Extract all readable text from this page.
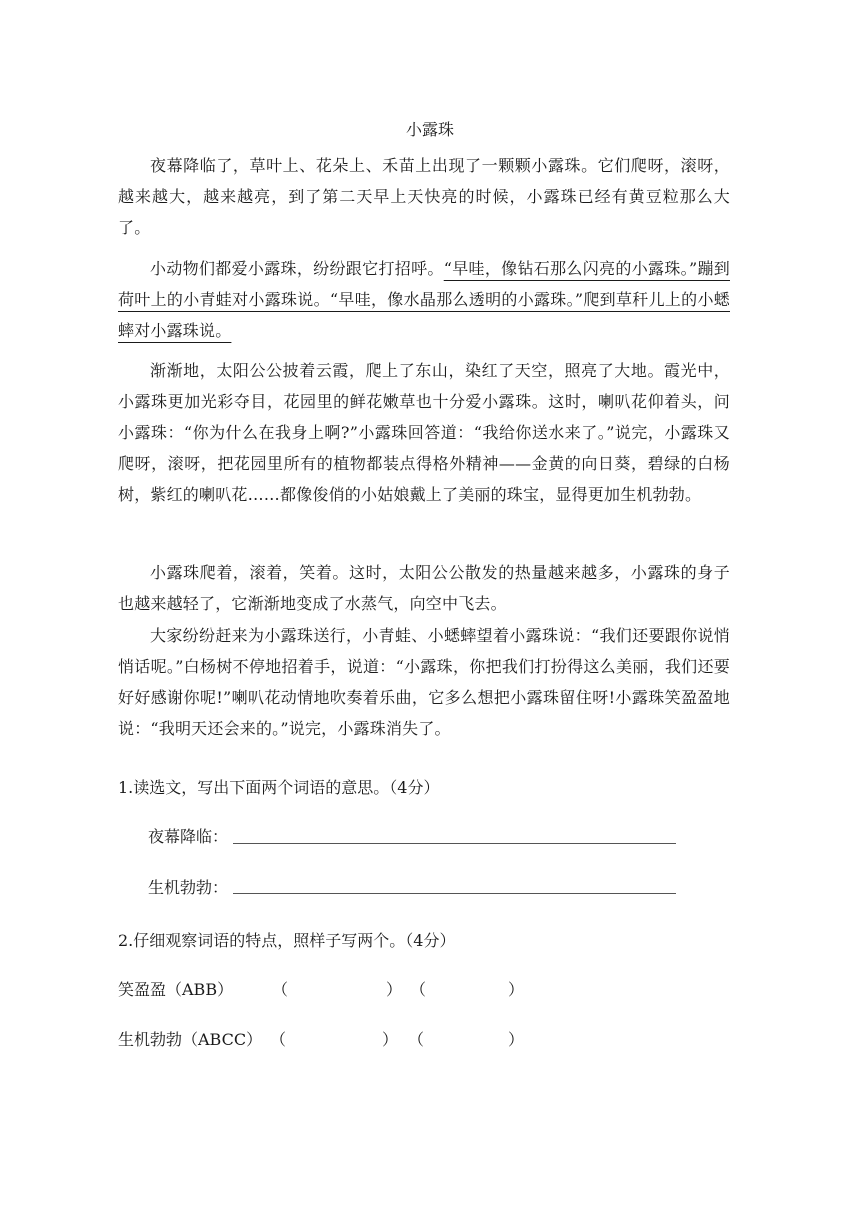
小露珠

夜幕降临了，草叶上、花朵上、禾苗上出现了一颗颗小露珠。它们爬呀，滚呀，越来越大，越来越亮，到了第二天早上天快亮的时候，小露珠已经有黄豆粒那么大了。

小动物们都爱小露珠，纷纷跟它打招呼。“早哇，像钻石那么闪亮的小露珠。”蹦到荷叶上的小青蛙对小露珠说。“早哇，像水晶那么透明的小露珠。”爬到草秆儿上的小蟋蟀对小露珠说。

渐渐地，太阳公公披着云霞，爬上了东山，染红了天空，照亮了大地。霞光中，小露珠更加光彩夺目，花园里的鲜花嫩草也十分爱小露珠。这时，喇叭花仰着头，问小露珠：“你为什么在我身上啊?”小露珠回答道：“我给你送水来了。”说完，小露珠又爬呀，滚呀，把花园里所有的植物都装点得格外精神——金黄的向日葵，碧绿的白杨树，紫红的喇叭花……都像俊俏的小姑娘戴上了美丽的珠宝，显得更加生机勃勃。

小露珠爬着，滚着，笑着。这时，太阳公公散发的热量越来越多，小露珠的身子也越来越轻了，它渐渐地变成了水蒸气，向空中飞去。

大家纷纷赶来为小露珠送行，小青蛙、小蟋蟀望着小露珠说：“我们还要跟你说悄悄话呢。”白杨树不停地招着手，说道：“小露珠，你把我们打扮得这么美丽，我们还要好好感谢你呢!”喇叭花动情地吹奏着乐曲，它多么想把小露珠留住呀!小露珠笑盈盈地说：“我明天还会来的。”说完，小露珠消失了。

1.读选文，写出下面两个词语的意思。（4分）
夜幕降临：
生机勃勃：
2.仔细观察词语的特点，照样子写两个。（4分）
笑盈盈（ABB） （	） （	）
生机勃勃（ABCC） （	） （	）
